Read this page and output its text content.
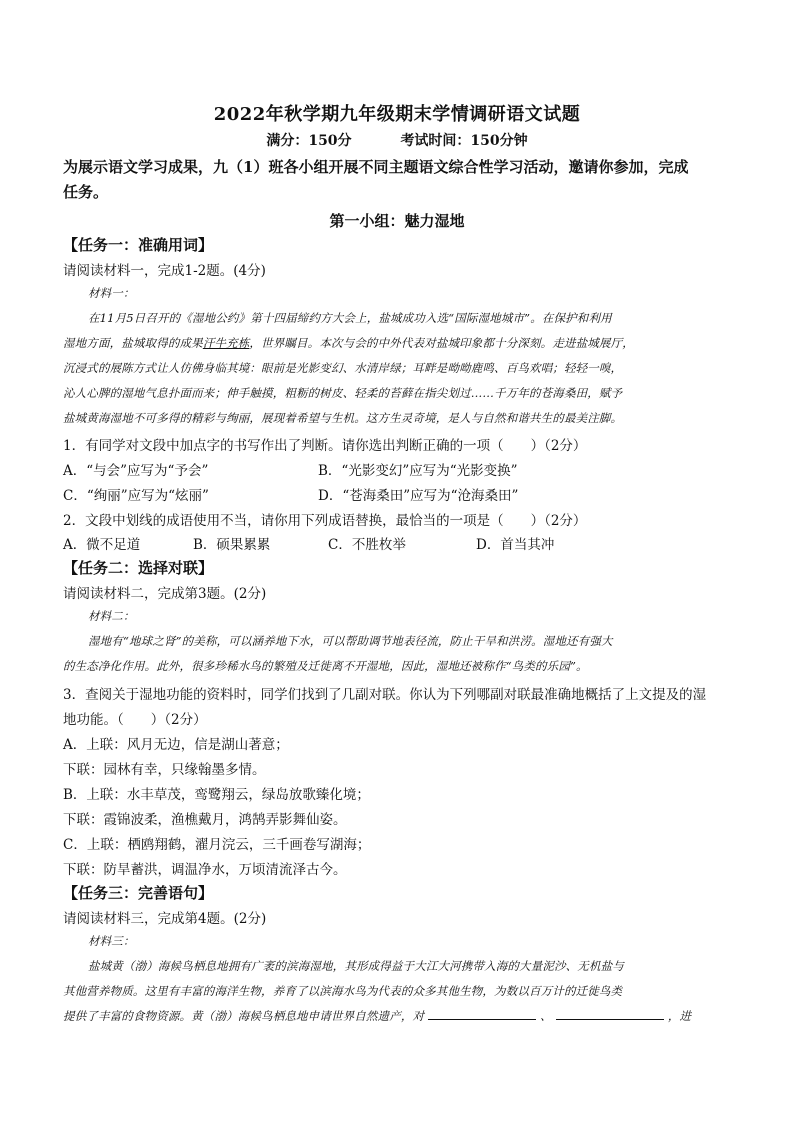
2022年秋学期九年级期末学情调研语文试题
满分：150分	考试时间：150分钟
为展示语文学习成果，九（1）班各小组开展不同主题语文综合性学习活动，邀请你参加，完成
任务。
第一小组：魅力湿地
【任务一：准确用词】
请阅读材料一，完成1-2题。(4分)
材料一：
在11月5日召开的《湿地公约》第十四届缔约方大会上，盐城成功入选“国际湿地城市”。在保护和利用
湿地方面，盐城取得的成果汗牛充栋，世界瞩目。本次与会的中外代表对盐城印象都十分深刻。走进盐城展厅，
沉浸式的展陈方式让人仿佛身临其境：眼前是光影变幻、水清岸绿；耳畔是呦呦鹿鸣、百鸟欢唱；轻轻一嗅，
沁人心脾的湿地气息扑面而来；伸手触摸，粗粝的树皮、轻柔的苔藓在指尖划过……千万年的苍海桑田，赋予
盐城黄海湿地不可多得的精彩与绚丽，展现着希望与生机。这方生灵奇境，是人与自然和谐共生的最美注脚。
1．有同学对文段中加点字的书写作出了判断。请你选出判断正确的一项（　　）（2分）
A．“与会”应写为“予会”	B．“光影变幻”应写为“光影变换”
C．“绚丽”应写为“炫丽”	D．“苍海桑田”应写为“沧海桑田”
2．文段中划线的成语使用不当，请你用下列成语替换，最恰当的一项是（　　）（2分）
A．微不足道	B．硕果累累	C．不胜枚举	D．首当其冲
【任务二：选择对联】
请阅读材料二，完成第3题。(2分)
材料二：
湿地有“地球之肾”的美称，可以涵养地下水，可以帮助调节地表径流，防止干旱和洪涝。湿地还有强大
的生态净化作用。此外，很多珍稀水鸟的繁殖及迁徙离不开湿地，因此，湿地还被称作“鸟类的乐园”。
3．查阅关于湿地功能的资料时，同学们找到了几副对联。你认为下列哪副对联最准确地概括了上文提及的湿
地功能。（　　）（2分）
A．上联：风月无边，信是湖山著意；
下联：园林有幸，只缘翰墨多情。
B．上联：水丰草茂，鸾鹭翔云，绿岛放歌臻化境；
下联：霞锦波柔，渔樵戴月，鸿鹄弄影舞仙姿。
C．上联：栖鸥翔鹤，濯月浣云，三千画卷写湖海；
下联：防旱蓄洪，调温净水，万顷清流泽古今。
【任务三：完善语句】
请阅读材料三，完成第4题。(2分)
材料三：
盐城黄（渤）海候鸟栖息地拥有广袤的滨海湿地，其形成得益于大江大河携带入海的大量泥沙、无机盐与
其他营养物质。这里有丰富的海洋生物，养育了以滨海水鸟为代表的众多其他生物，为数以百万计的迁徙鸟类
提供了丰富的食物资源。黄（渤）海候鸟栖息地申请世界自然遗产，对	、	，进
